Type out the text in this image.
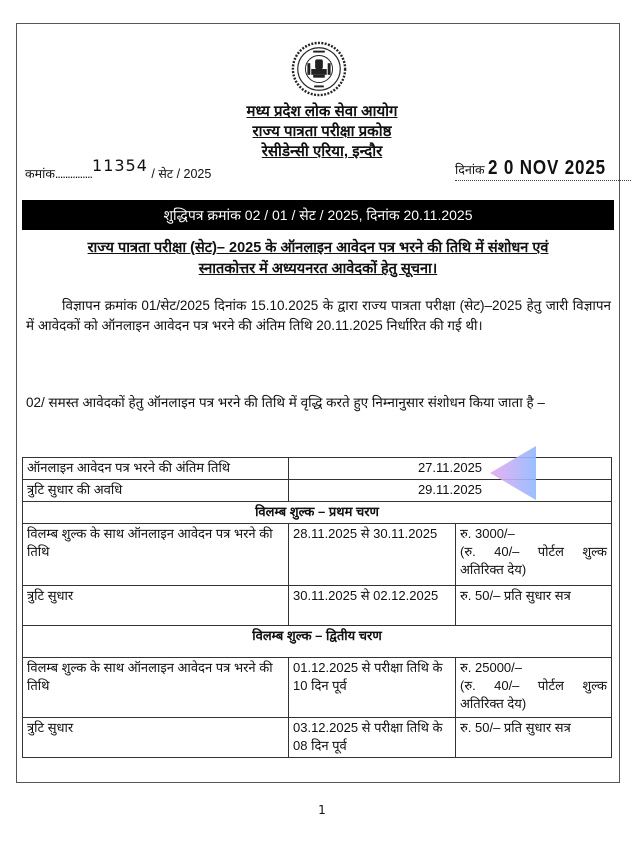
मध्य प्रदेश लोक सेवा आयोग
राज्य पात्रता परीक्षा प्रकोष्ठ
रेसीडेन्सी एरिया, इन्दौर
कमांक...............11354 / सेट / 2025	दिनांक 2 0 NOV 2025
शुद्धिपत्र क्रमांक 02 / 01 / सेट / 2025, दिनांक 20.11.2025
राज्य पात्रता परीक्षा (सेट)– 2025 के ऑनलाइन आवेदन पत्र भरने की तिथि में संशोधन एवं
स्नातकोत्तर में अध्ययनरत आवेदकों हेतु सूचना।
विज्ञापन क्रमांक 01/सेट/2025 दिनांक 15.10.2025 के द्वारा राज्य पात्रता परीक्षा (सेट)–2025 हेतु जारी विज्ञापन में आवेदकों को ऑनलाइन आवेदन पत्र भरने की अंतिम तिथि 20.11.2025 निर्धारित की गई थी।
02/ समस्त आवेदकों हेतु ऑनलाइन पत्र भरने की तिथि में वृद्धि करते हुए निम्नानुसार संशोधन किया जाता है –
ऑनलाइन आवेदन पत्र भरने की अंतिम तिथि	27.11.2025	
त्रुटि सुधार की अवधि	29.11.2025	
विलम्ब शुल्क – प्रथम चरण		
विलम्ब शुल्क के साथ ऑनलाइन आवेदन पत्र भरने की तिथि	28.11.2025 से 30.11.2025	रु. 3000/–
(रु. 40/– पोर्टल शुल्क अतिरिक्त देय)

त्रुटि सुधार	30.11.2025 से 02.12.2025	रु. 50/– प्रति सुधार सत्र
विलम्ब शुल्क – द्वितीय चरण		
विलम्ब शुल्क के साथ ऑनलाइन आवेदन पत्र भरने की तिथि	01.12.2025 से परीक्षा तिथि के 10 दिन पूर्व	रु. 25000/–
(रु. 40/– पोर्टल शुल्क अतिरिक्त देय)

त्रुटि सुधार	03.12.2025 से परीक्षा तिथि के 08 दिन पूर्व	रु. 50/– प्रति सुधार सत्र
1
